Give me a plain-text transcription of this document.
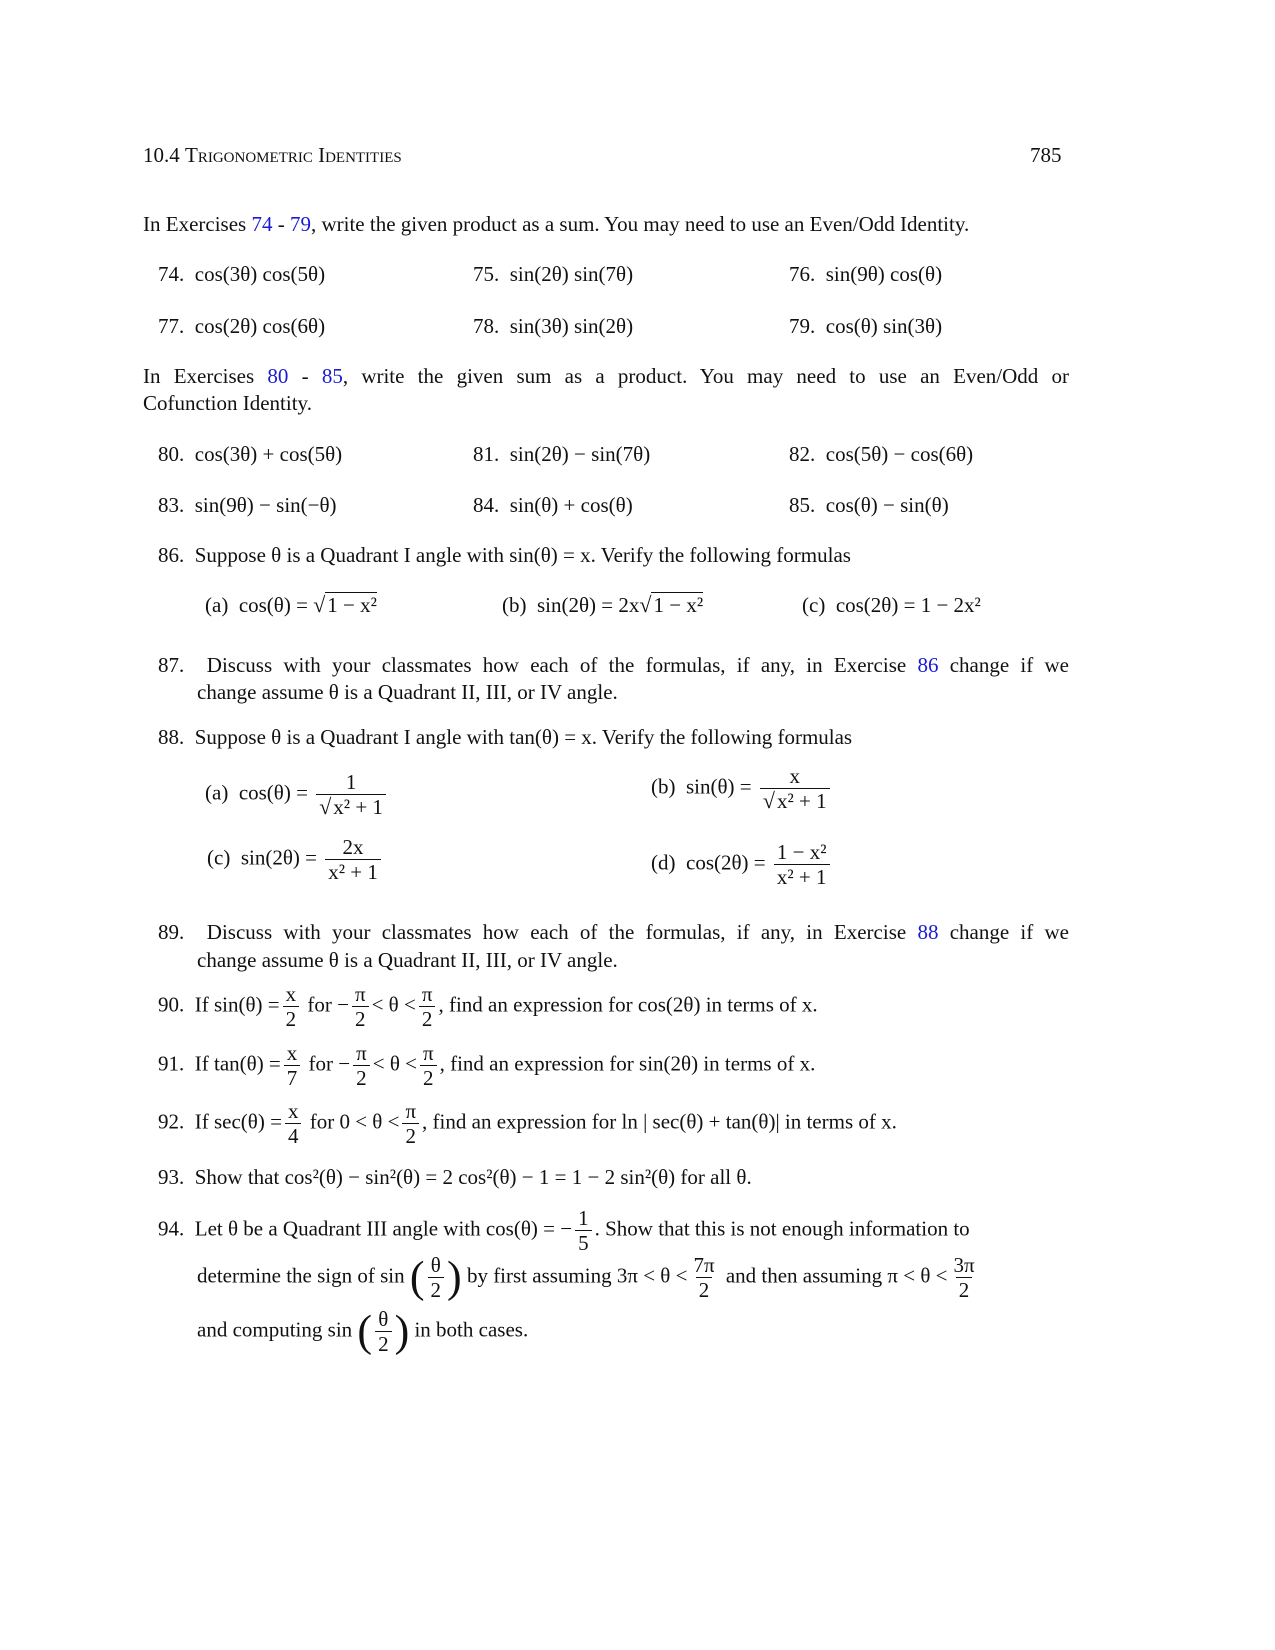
10.4 Trigonometric Identities	785
In Exercises 74 - 79, write the given product as a sum. You may need to use an Even/Odd Identity.
74. cos(3θ) cos(5θ)	75. sin(2θ) sin(7θ)	76. sin(9θ) cos(θ)
77. cos(2θ) cos(6θ)	78. sin(3θ) sin(2θ)	79. cos(θ) sin(3θ)
In Exercises 80 - 85, write the given sum as a product. You may need to use an Even/Odd or
Cofunction Identity.
80. cos(3θ) + cos(5θ)	81. sin(2θ) − sin(7θ)	82. cos(5θ) − cos(6θ)
83. sin(9θ) − sin(−θ)	84. sin(θ) + cos(θ)	85. cos(θ) − sin(θ)
86. Suppose θ is a Quadrant I angle with sin(θ) = x. Verify the following formulas
(a) cos(θ) = √1 − x²	(b) sin(2θ) = 2x√1 − x²	(c) cos(2θ) = 1 − 2x²
87. Discuss with your classmates how each of the formulas, if any, in Exercise 86 change if we
change assume θ is a Quadrant II, III, or IV angle.
88. Suppose θ is a Quadrant I angle with tan(θ) = x. Verify the following formulas
(a) $\cos(\theta) = \frac{1}{\text{√x² + 1}}$	(b) $\sin(\theta) = \frac{x}{\text{√x² + 1}}$
(c) $\sin(2\theta) = \frac{2x}{\text{x² + 1}}$	(d) $\cos(2\theta) = \frac{\text{1 − x²}}{\text{x² + 1}}$
89. Discuss with your classmates how each of the formulas, if any, in Exercise 88 change if we
change assume θ is a Quadrant II, III, or IV angle.
90. If $\sin(\theta) = \frac{x}{2}$ for − $\frac{\pi}{2} < \theta < \frac{\pi}{2}$ , find an expression for cos(2θ) in terms of x.
91. If $\tan(\theta) = \frac{x}{7}$ for − $\frac{\pi}{2} < \theta < \frac{\pi}{2}$ , find an expression for sin(2θ) in terms of x.
92. If $\sec(\theta) = \frac{x}{4}$ for $0 < \theta < \frac{\pi}{2}$ , find an expression for ln | sec(θ) + tan(θ)| in terms of x.
93. Show that cos²(θ) − sin²(θ) = 2 cos²(θ) − 1 = 1 − 2 sin²(θ) for all θ.
94. Let θ be a Quadrant III angle with cos(θ) = − $\frac{1}{5}$ . Show that this is not enough information to
determine the sign of sin ( $\frac{\theta}{2}$ ) by first assuming $3\pi < \theta < \frac{7\pi}{2}$ and then assuming $\pi < \theta < \frac{3\pi}{2}$
and computing sin ( $\frac{\theta}{2}$ ) in both cases.
